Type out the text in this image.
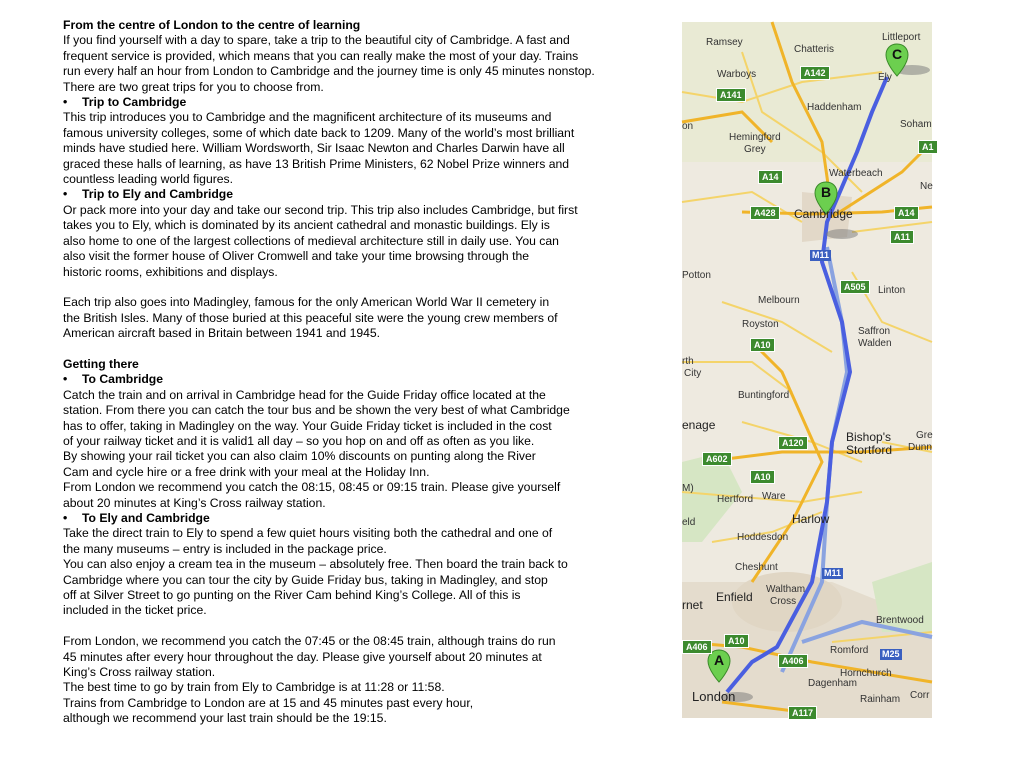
From the centre of London to the centre of learning

If you find yourself with a day to spare, take a trip to the beautiful city of Cambridge. A fast and

frequent service is provided, which means that you can really make the most of your day. Trains

run every half an hour from London to Cambridge and the journey time is only 45 minutes nonstop.

There are two great trips for you to choose from.

• Trip to Cambridge

This trip introduces you to Cambridge and the magnificent architecture of its museums and

famous university colleges, some of which date back to 1209. Many of the world’s most brilliant

minds have studied here. William Wordsworth, Sir Isaac Newton and Charles Darwin have all

graced these halls of learning, as have 13 British Prime Ministers, 62 Nobel Prize winners and

countless leading world figures.

• Trip to Ely and Cambridge

Or pack more into your day and take our second trip. This trip also includes Cambridge, but first

takes you to Ely, which is dominated by its ancient cathedral and monastic buildings. Ely is

also home to one of the largest collections of medieval architecture still in daily use. You can

also visit the former house of Oliver Cromwell and take your time browsing through the

historic rooms, exhibitions and displays.

Each trip also goes into Madingley, famous for the only American World War II cemetery in

the British Isles. Many of those buried at this peaceful site were the young crew members of

American aircraft based in Britain between 1941 and 1945.

Getting there

• To Cambridge

Catch the train and on arrival in Cambridge head for the Guide Friday office located at the

station. From there you can catch the tour bus and be shown the very best of what Cambridge

has to offer, taking in Madingley on the way. Your Guide Friday ticket is included in the cost

of your railway ticket and it is valid1 all day – so you hop on and off as often as you like.

By showing your rail ticket you can also claim 10% discounts on punting along the River

Cam and cycle hire or a free drink with your meal at the Holiday Inn.

From London we recommend you catch the 08:15, 08:45 or 09:15 train. Please give yourself

about 20 minutes at King’s Cross railway station.

• To Ely and Cambridge

Take the direct train to Ely to spend a few quiet hours visiting both the cathedral and one of

the many museums – entry is included in the package price.

You can also enjoy a cream tea in the museum – absolutely free. Then board the train back to

Cambridge where you can tour the city by Guide Friday bus, taking in Madingley, and stop

off at Silver Street to go punting on the River Cam behind King’s College. All of this is

included in the ticket price.

From London, we recommend you catch the 07:45 or the 08:45 train, although trains do run

45 minutes after every hour throughout the day. Please give yourself about 20 minutes at

King’s Cross railway station.

The best time to go by train from Ely to Cambridge is at 11:28 or 11:58.

Trains from Cambridge to London are at 15 and 45 minutes past every hour,

although we recommend your last train should be the 19:15.

C
B
A
Littleport
Ramsey
Chatteris
Ely
Warboys
Haddenham
on	Soham
Hemingford
Grey
Waterbeach
Ne
Cambridge
Potton
Linton
Melbourn
Royston
Saffron
Walden
rth
City
Buntingford
enage
Bishop's
Stortford
Gre
Dunn
M)
Hertford Ware
eld	Harlow
Hoddesdon
Cheshunt
rnet
Enfield
Waltham
Cross
Brentwood
Romford
Hornchurch
London
Dagenham
Rainham Corr
A142
A141
A1
A14
A428	A14
A11
A505
A10
A120
A602
A10
A10
A406
A406
A117
M11
M11
M25
